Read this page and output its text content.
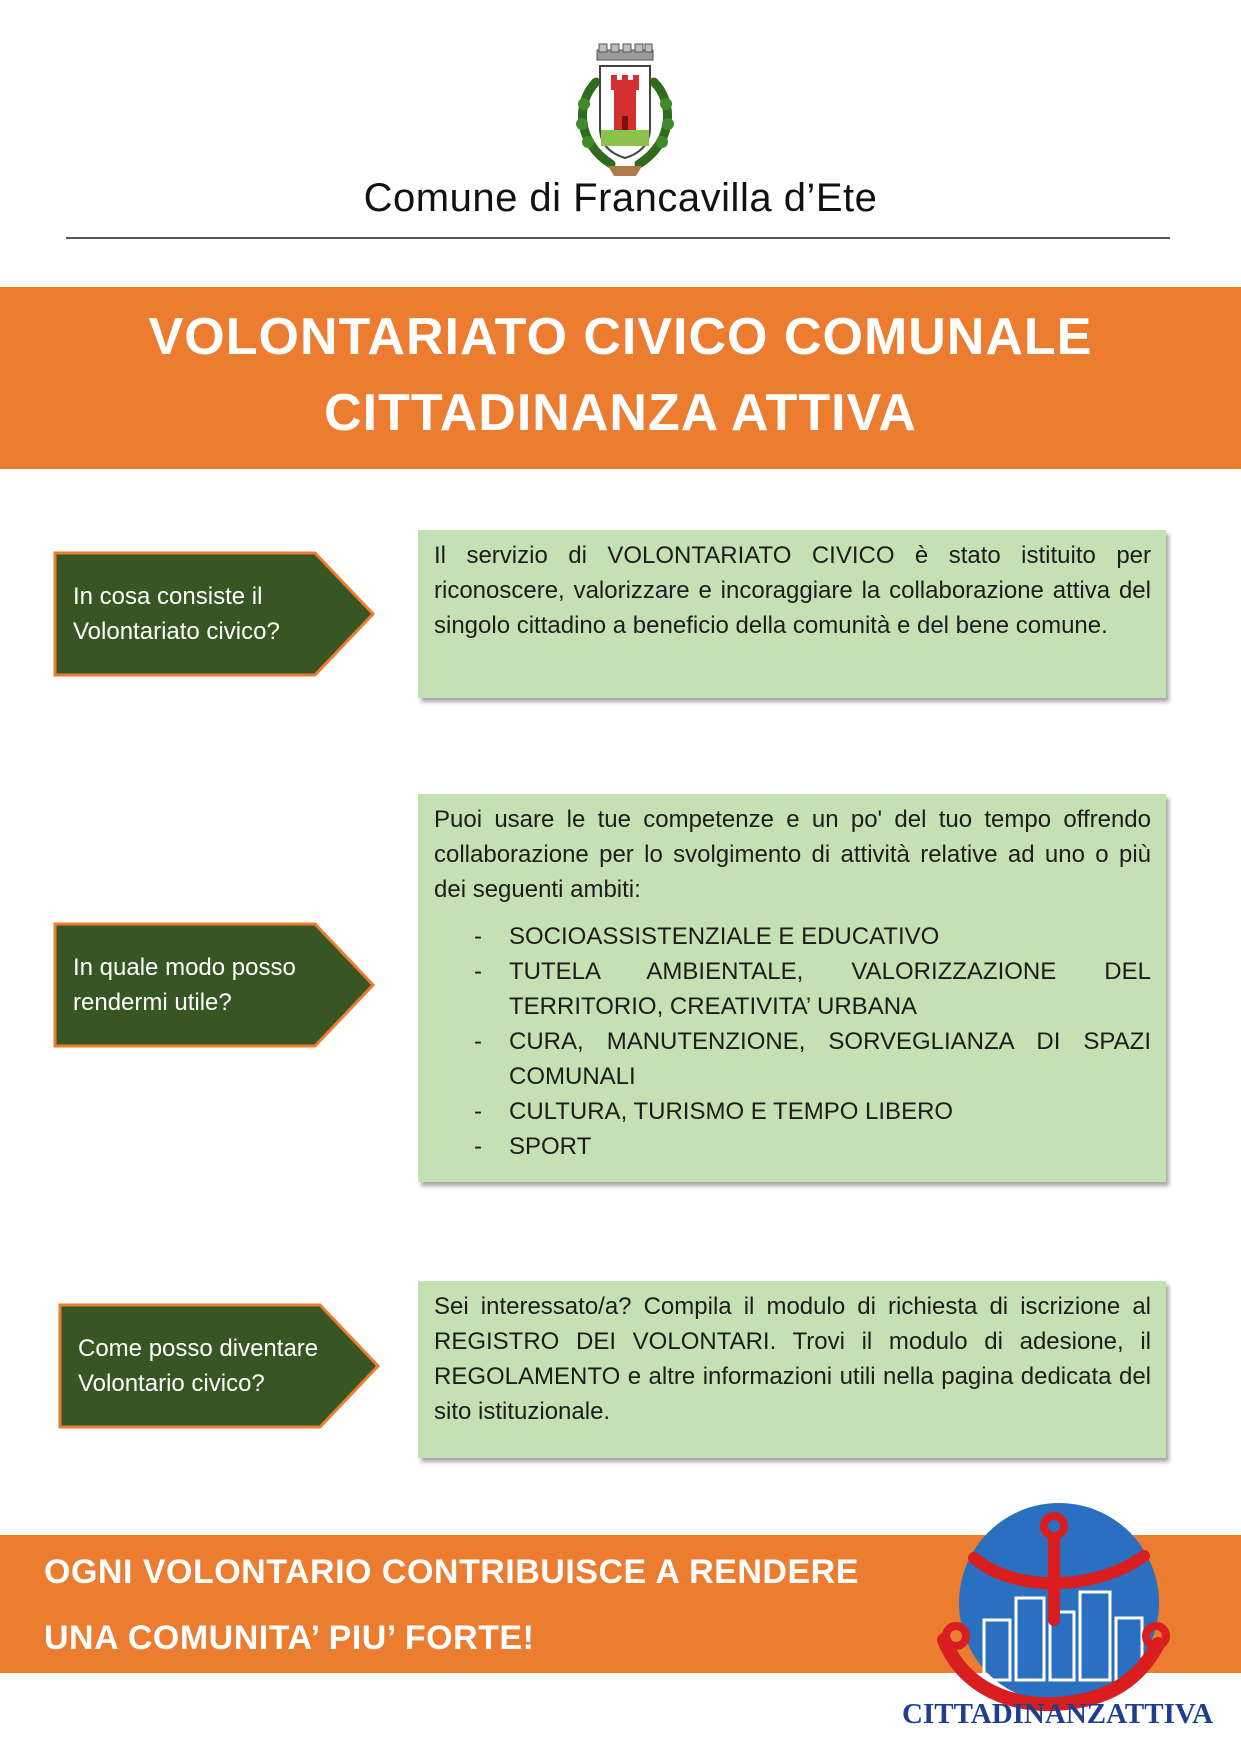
Comune di Francavilla d’Ete
VOLONTARIATO CIVICO COMUNALE
CITTADINANZA ATTIVA
In cosa consiste il Volontariato civico?
Il servizio di VOLONTARIATO CIVICO è stato istituito per riconoscere, valorizzare e incoraggiare la collaborazione attiva del singolo cittadino a beneficio della comunità e del bene comune.
In quale modo posso rendermi utile?
Puoi usare le tue competenze e un po' del tuo tempo offrendo collaborazione per lo svolgimento di attività relative ad uno o più dei seguenti ambiti:
- SOCIOASSISTENZIALE E EDUCATIVO
- TUTELA AMBIENTALE, VALORIZZAZIONE DEL TERRITORIO, CREATIVITA’ URBANA
- CURA, MANUTENZIONE, SORVEGLIANZA DI SPAZI COMUNALI
- CULTURA, TURISMO E TEMPO LIBERO
- SPORT
Come posso diventare Volontario civico?
Sei interessato/a? Compila il modulo di richiesta di iscrizione al REGISTRO DEI VOLONTARI. Trovi il modulo di adesione, il REGOLAMENTO e altre informazioni utili nella pagina dedicata del sito istituzionale.
OGNI VOLONTARIO CONTRIBUISCE A RENDERE
UNA COMUNITA’ PIU’ FORTE!
CITTADINANZATTIVA
